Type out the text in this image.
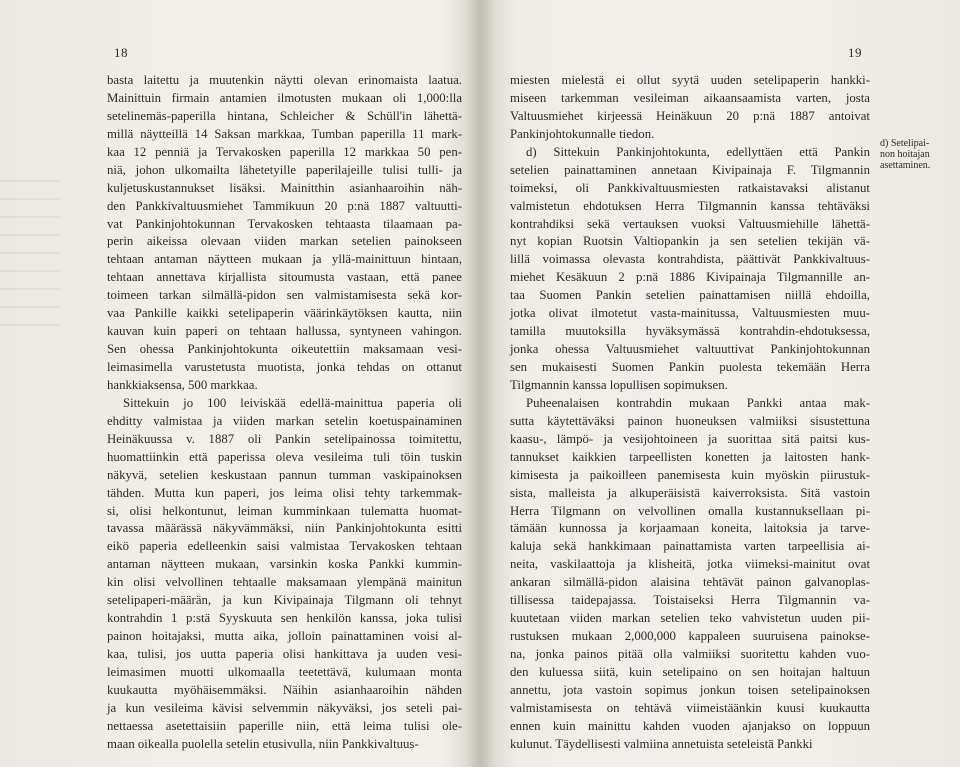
18
basta laitettu ja muutenkin näytti olevan erinomaista laatua.
Mainittuin firmain antamien ilmotusten mukaan oli 1,000:lla
setelinemäs-paperilla hintana, Schleicher & Schüll'in lähettä-
millä näytteillä 14 Saksan markkaa, Tumban paperilla 11 mark-
kaa 12 penniä ja Tervakosken paperilla 12 markkaa 50 pen-
niä, johon ulkomailta lähetetyille paperilajeille tulisi tulli- ja
kuljetuskustannukset lisäksi. Mainitthin asianhaaroihin näh-
den Pankkivaltuusmiehet Tammikuun 20 p:nä 1887 valtuutti-
vat Pankinjohtokunnan Tervakosken tehtaasta tilaamaan pa-
perin aikeissa olevaan viiden markan setelien painokseen
tehtaan antaman näytteen mukaan ja yllä-mainittuun hintaan,
tehtaan annettava kirjallista sitoumusta vastaan, että panee
toimeen tarkan silmällä-pidon sen valmistamisesta sekä kor-
vaa Pankille kaikki setelipaperin väärinkäytöksen kautta, niin
kauvan kuin paperi on tehtaan hallussa, syntyneen vahingon.
Sen ohessa Pankinjohtokunta oikeutettiin maksamaan vesi-
leimasimella varustetusta muotista, jonka tehdas on ottanut
hankkiaksensa, 500 markkaa.
Sittekuin jo 100 leiviskää edellä-mainittua paperia oli
ehditty valmistaa ja viiden markan setelin koetuspainaminen
Heinäkuussa v. 1887 oli Pankin setelipainossa toimitettu,
huomattiinkin että paperissa oleva vesileima tuli töin tuskin
näkyvä, setelien keskustaan pannun tumman vaskipainoksen
tähden. Mutta kun paperi, jos leima olisi tehty tarkemmak-
si, olisi helkontunut, leiman kumminkaan tulematta huomat-
tavassa määrässä näkyvämmäksi, niin Pankinjohtokunta esitti
eikö paperia edelleenkin saisi valmistaa Tervakosken tehtaan
antaman näytteen mukaan, varsinkin koska Pankki kummin-
kin olisi velvollinen tehtaalle maksamaan ylempänä mainitun
setelipaperi-määrän, ja kun Kivipainaja Tilgmann oli tehnyt
kontrahdin 1 p:stä Syyskuuta sen henkilön kanssa, joka tulisi
painon hoitajaksi, mutta aika, jolloin painattaminen voisi al-
kaa, tulisi, jos uutta paperia olisi hankittava ja uuden vesi-
leimasimen muotti ulkomaalla teetettävä, kulumaan monta
kuukautta myöhäisemmäksi. Näihin asianhaaroihin nähden
ja kun vesileima kävisi selvemmin näkyväksi, jos seteli pai-
nettaessa asetettaisiin paperille niin, että leima tulisi ole-
maan oikealla puolella setelin etusivulla, niin Pankkivaltuus-
19
miesten mielestä ei ollut syytä uuden setelipaperin hankki-
miseen tarkemman vesileiman aikaansaamista varten, josta
Valtuusmiehet kirjeessä Heinäkuun 20 p:nä 1887 antoivat
Pankinjohtokunnalle tiedon.
d) Sittekuin Pankinjohtokunta, edellyttäen että Pankin
setelien painattaminen annetaan Kivipainaja F. Tilgmannin
toimeksi, oli Pankkivaltuusmiesten ratkaistavaksi alistanut
valmistetun ehdotuksen Herra Tilgmannin kanssa tehtäväksi
kontrahdiksi sekä vertauksen vuoksi Valtuusmiehille lähettä-
nyt kopian Ruotsin Valtiopankin ja sen setelien tekijän vä-
lillä voimassa olevasta kontrahdista, päättivät Pankkivaltuus-
miehet Kesäkuun 2 p:nä 1886 Kivipainaja Tilgmannille an-
taa Suomen Pankin setelien painattamisen niillä ehdoilla,
jotka olivat ilmotetut vasta-mainitussa, Valtuusmiesten muu-
tamilla muutoksilla hyväksymässä kontrahdin-ehdotuksessa,
jonka ohessa Valtuusmiehet valtuuttivat Pankinjohtokunnan
sen mukaisesti Suomen Pankin puolesta tekemään Herra
Tilgmannin kanssa lopullisen sopimuksen.
Puheenalaisen kontrahdin mukaan Pankki antaa mak-
sutta käytettäväksi painon huoneuksen valmiiksi sisustettuna
kaasu-, lämpö- ja vesijohtoineen ja suorittaa sitä paitsi kus-
tannukset kaikkien tarpeellisten konetten ja laitosten hank-
kimisesta ja paikoilleen panemisesta kuin myöskin piirustuk-
sista, malleista ja alkuperäisistä kaiverroksista. Sitä vastoin
Herra Tilgmann on velvollinen omalla kustannuksellaan pi-
tämään kunnossa ja korjaamaan koneita, laitoksia ja tarve-
kaluja sekä hankkimaan painattamista varten tarpeellisia ai-
neita, vaskilaattoja ja klisheitä, jotka viimeksi-mainitut ovat
ankaran silmällä-pidon alaisina tehtävät painon galvanoplas-
tillisessa taidepajassa. Toistaiseksi Herra Tilgmannin va-
kuutetaan viiden markan setelien teko vahvistetun uuden pii-
rustuksen mukaan 2,000,000 kappaleen suuruisena painokse-
na, jonka painos pitää olla valmiiksi suoritettu kahden vuo-
den kuluessa siitä, kuin setelipaino on sen hoitajan haltuun
annettu, jota vastoin sopimus jonkun toisen setelipainoksen
valmistamisesta on tehtävä viimeistäänkin kuusi kuukautta
ennen kuin mainittu kahden vuoden ajanjakso on loppuun
kulunut. Täydellisesti valmiina annetuista seteleistä Pankki
d) Setelipai-
non hoitajan
asettaminen.
